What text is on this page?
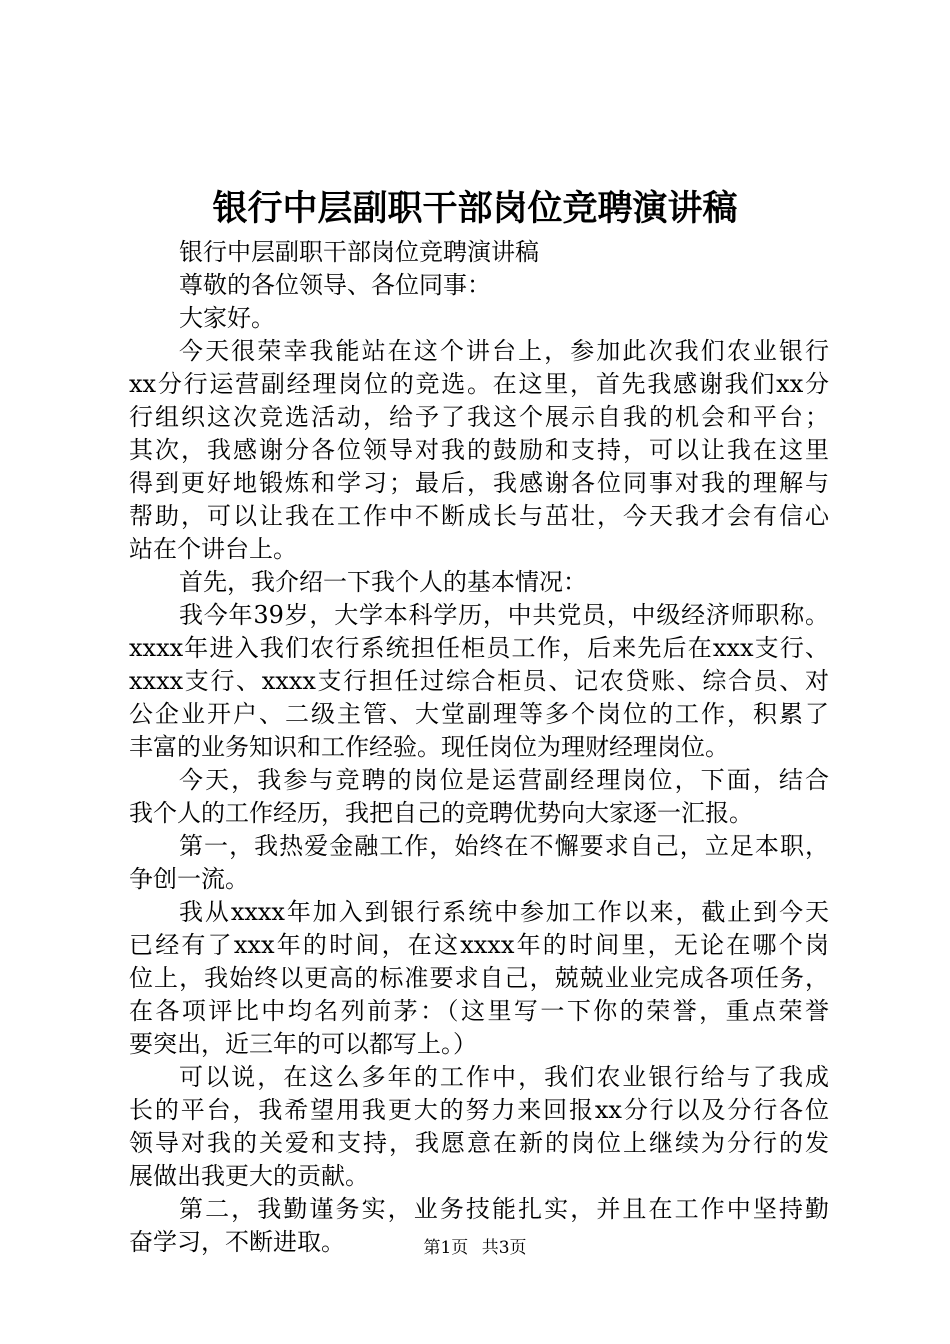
银行中层副职干部岗位竞聘演讲稿
银行中层副职干部岗位竞聘演讲稿
尊敬的各位领导、各位同事：
大家好。
今天很荣幸我能站在这个讲台上，参加此次我们农业银行
xx分行运营副经理岗位的竞选。在这里，首先我感谢我们xx分
行组织这次竞选活动，给予了我这个展示自我的机会和平台；
其次，我感谢分各位领导对我的鼓励和支持，可以让我在这里
得到更好地锻炼和学习；最后，我感谢各位同事对我的理解与
帮助，可以让我在工作中不断成长与茁壮，今天我才会有信心
站在个讲台上。
首先，我介绍一下我个人的基本情况：
我今年39岁，大学本科学历，中共党员，中级经济师职称。
xxxx年进入我们农行系统担任柜员工作，后来先后在xxx支行、
xxxx支行、xxxx支行担任过综合柜员、记农贷账、综合员、对
公企业开户、二级主管、大堂副理等多个岗位的工作，积累了
丰富的业务知识和工作经验。现任岗位为理财经理岗位。
今天，我参与竞聘的岗位是运营副经理岗位，下面，结合
我个人的工作经历，我把自己的竞聘优势向大家逐一汇报。
第一，我热爱金融工作，始终在不懈要求自己，立足本职，
争创一流。
我从xxxx年加入到银行系统中参加工作以来，截止到今天
已经有了xxx年的时间，在这xxxx年的时间里，无论在哪个岗
位上，我始终以更高的标准要求自己，兢兢业业完成各项任务，
在各项评比中均名列前茅：（这里写一下你的荣誉，重点荣誉
要突出，近三年的可以都写上。）
可以说，在这么多年的工作中，我们农业银行给与了我成
长的平台，我希望用我更大的努力来回报xx分行以及分行各位
领导对我的关爱和支持，我愿意在新的岗位上继续为分行的发
展做出我更大的贡献。
第二，我勤谨务实，业务技能扎实，并且在工作中坚持勤
奋学习，不断进取。	第1页 共3页
